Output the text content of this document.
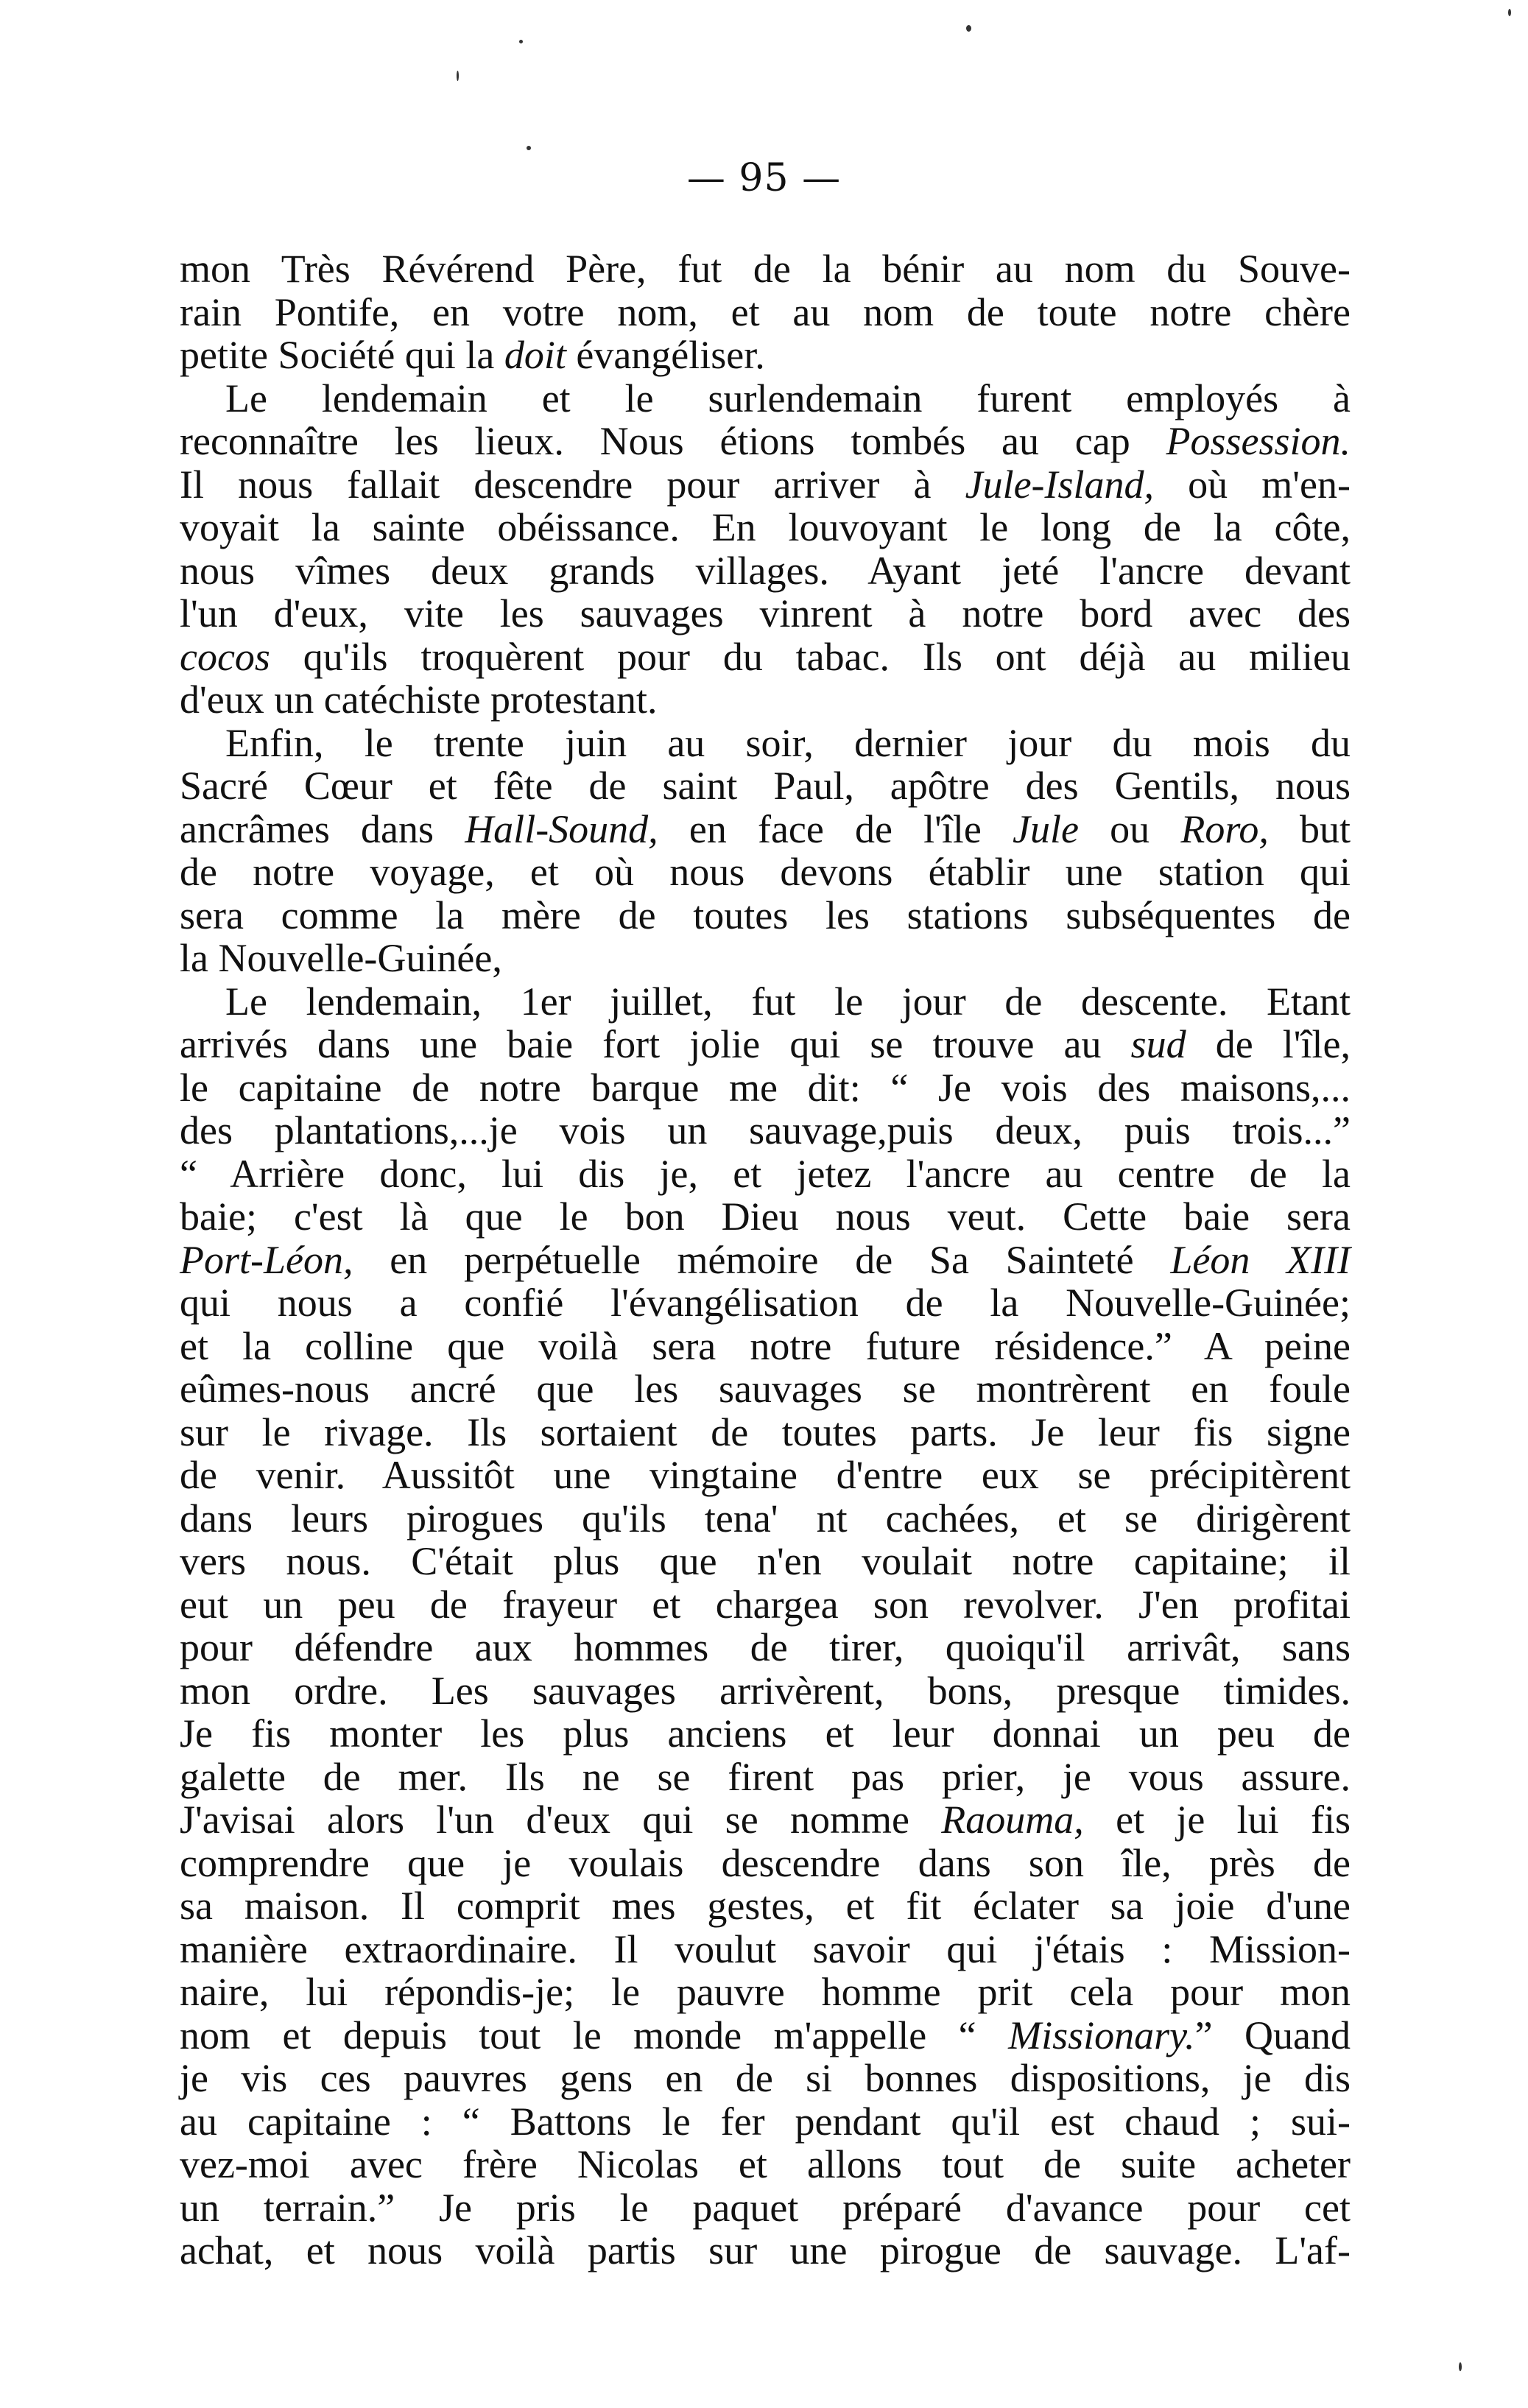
— 95 —
mon Très Révérend Père, fut de la bénir au nom du Souve-
rain Pontife, en votre nom, et au nom de toute notre chère
petite Société qui la doit évangéliser.
Le lendemain et le surlendemain furent employés à
reconnaître les lieux. Nous étions tombés au cap Possession.
Il nous fallait descendre pour arriver à Jule-Island, où m'en-
voyait la sainte obéissance. En louvoyant le long de la côte,
nous vîmes deux grands villages. Ayant jeté l'ancre devant
l'un d'eux, vite les sauvages vinrent à notre bord avec des
cocos qu'ils troquèrent pour du tabac. Ils ont déjà au milieu
d'eux un catéchiste protestant.
Enfin, le trente juin au soir, dernier jour du mois du
Sacré Cœur et fête de saint Paul, apôtre des Gentils, nous
ancrâmes dans Hall-Sound, en face de l'île Jule ou Roro, but
de notre voyage, et où nous devons établir une station qui
sera comme la mère de toutes les stations subséquentes de
la Nouvelle-Guinée,
Le lendemain, 1er juillet, fut le jour de descente. Etant
arrivés dans une baie fort jolie qui se trouve au sud de l'île,
le capitaine de notre barque me dit: “ Je vois des maisons,...
des plantations,...je vois un sauvage,puis deux, puis trois...”
“ Arrière donc, lui dis je, et jetez l'ancre au centre de la
baie; c'est là que le bon Dieu nous veut. Cette baie sera
Port-Léon, en perpétuelle mémoire de Sa Sainteté Léon XIII
qui nous a confié l'évangélisation de la Nouvelle-Guinée;
et la colline que voilà sera notre future résidence.” A peine
eûmes-nous ancré que les sauvages se montrèrent en foule
sur le rivage. Ils sortaient de toutes parts. Je leur fis signe
de venir. Aussitôt une vingtaine d'entre eux se précipitèrent
dans leurs pirogues qu'ils tena' nt cachées, et se dirigèrent
vers nous. C'était plus que n'en voulait notre capitaine; il
eut un peu de frayeur et chargea son revolver. J'en profitai
pour défendre aux hommes de tirer, quoiqu'il arrivât, sans
mon ordre. Les sauvages arrivèrent, bons, presque timides.
Je fis monter les plus anciens et leur donnai un peu de
galette de mer. Ils ne se firent pas prier, je vous assure.
J'avisai alors l'un d'eux qui se nomme Raouma, et je lui fis
comprendre que je voulais descendre dans son île, près de
sa maison. Il comprit mes gestes, et fit éclater sa joie d'une
manière extraordinaire. Il voulut savoir qui j'étais : Mission-
naire, lui répondis-je; le pauvre homme prit cela pour mon
nom et depuis tout le monde m'appelle “ Missionary.” Quand
je vis ces pauvres gens en de si bonnes dispositions, je dis
au capitaine : “ Battons le fer pendant qu'il est chaud ; sui-
vez-moi avec frère Nicolas et allons tout de suite acheter
un terrain.” Je pris le paquet préparé d'avance pour cet
achat, et nous voilà partis sur une pirogue de sauvage. L'af-
